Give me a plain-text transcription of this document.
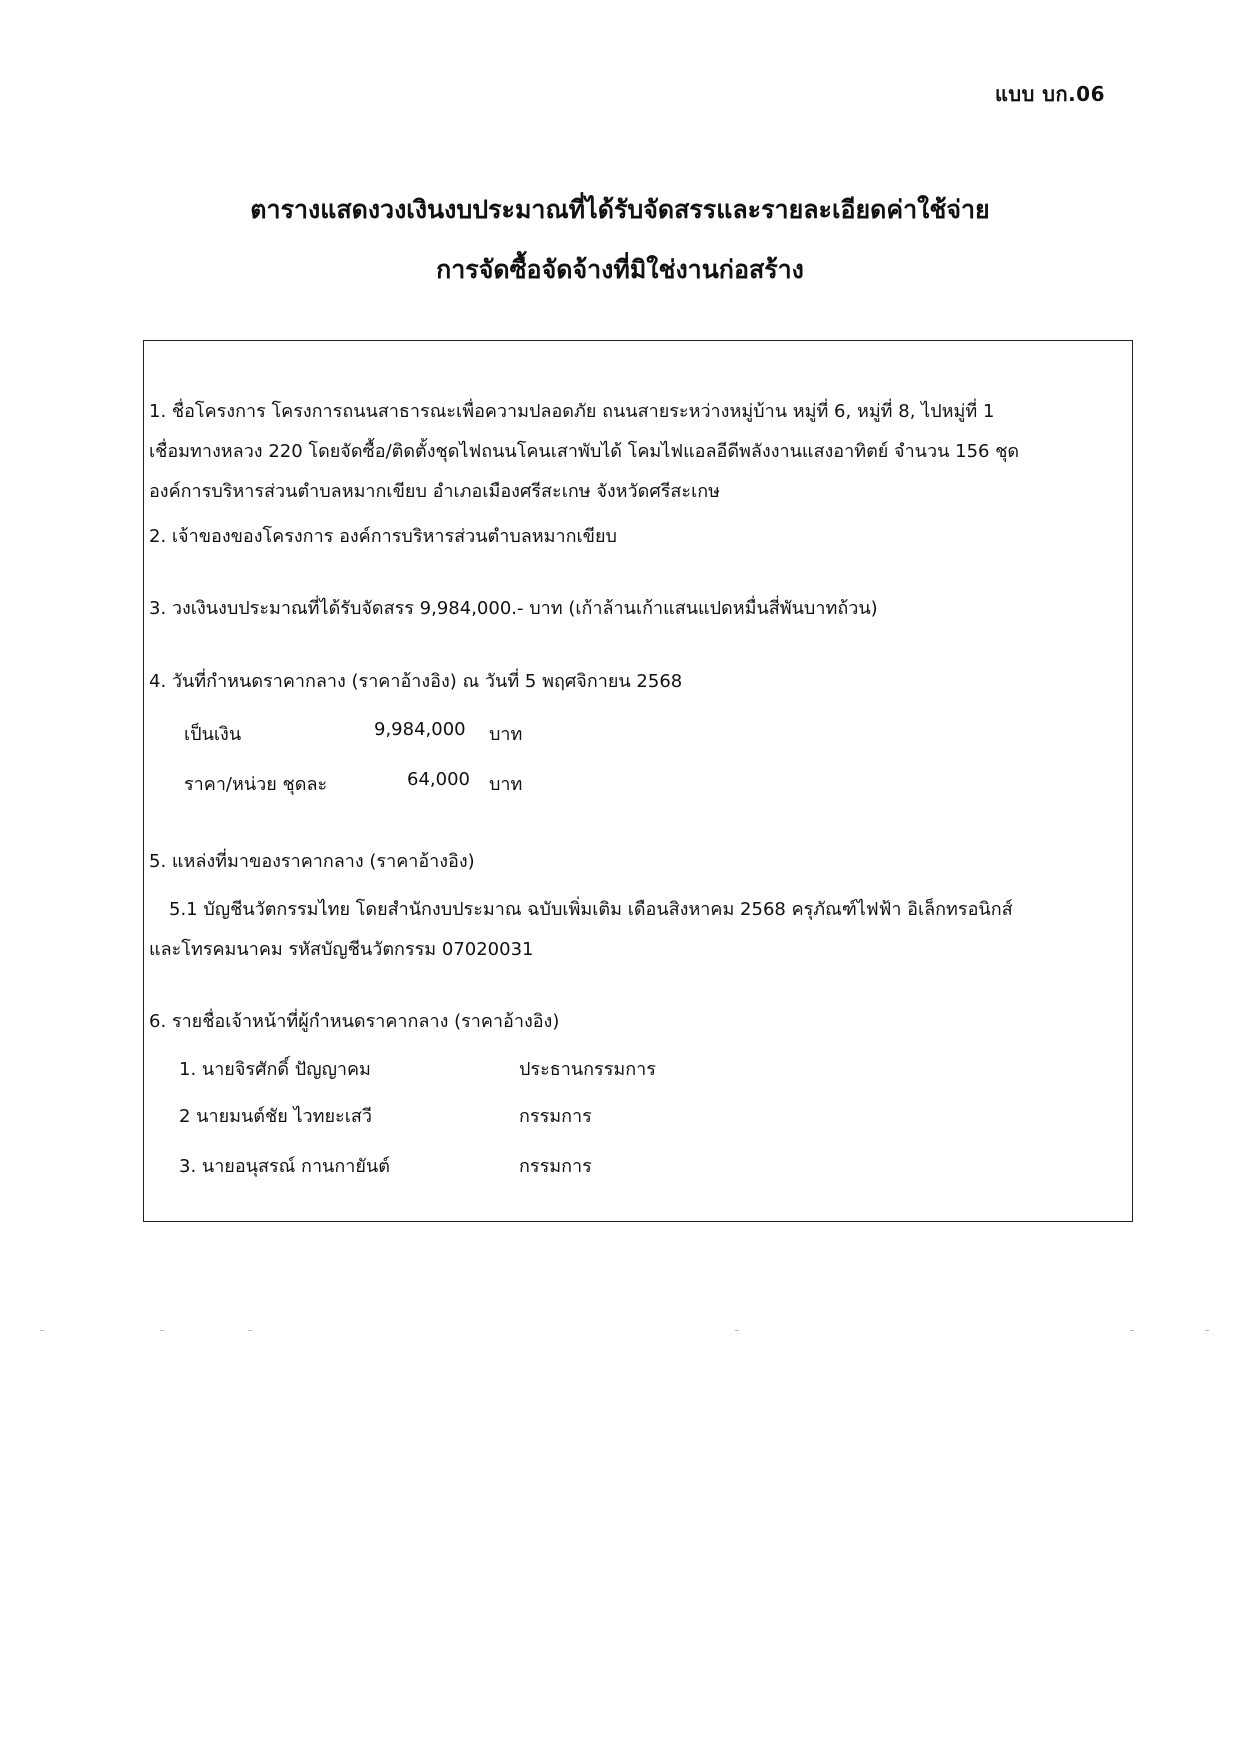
แบบ บก.06
ตารางแสดงวงเงินงบประมาณที่ได้รับจัดสรรและรายละเอียดค่าใช้จ่าย
การจัดซื้อจัดจ้างที่มิใช่งานก่อสร้าง
1. ชื่อโครงการ โครงการถนนสาธารณะเพื่อความปลอดภัย ถนนสายระหว่างหมู่บ้าน หมู่ที่ 6, หมู่ที่ 8, ไปหมู่ที่ 1
เชื่อมทางหลวง 220 โดยจัดซื้อ/ติดตั้งชุดไฟถนนโคนเสาพับได้ โคมไฟแอลอีดีพลังงานแสงอาทิตย์ จำนวน 156 ชุด
องค์การบริหารส่วนตำบลหมากเขียบ อำเภอเมืองศรีสะเกษ จังหวัดศรีสะเกษ
2. เจ้าของของโครงการ องค์การบริหารส่วนตำบลหมากเขียบ
3. วงเงินงบประมาณที่ได้รับจัดสรร 9,984,000.- บาท (เก้าล้านเก้าแสนแปดหมื่นสี่พันบาทถ้วน)
4. วันที่กำหนดราคากลาง (ราคาอ้างอิง) ณ วันที่ 5 พฤศจิกายน 2568
เป็นเงิน	9,984,000 บาท
ราคา/หน่วย ชุดละ	64,000 บาท
5. แหล่งที่มาของราคากลาง (ราคาอ้างอิง)
5.1 บัญชีนวัตกรรมไทย โดยสำนักงบประมาณ ฉบับเพิ่มเติม เดือนสิงหาคม 2568 ครุภัณฑ์ไฟฟ้า อิเล็กทรอนิกส์
และโทรคมนาคม รหัสบัญชีนวัตกรรม 07020031
6. รายชื่อเจ้าหน้าที่ผู้กำหนดราคากลาง (ราคาอ้างอิง)
1. นายจิรศักดิ์ ปัญญาคม	ประธานกรรมการ
2 นายมนต์ชัย ไวทยะเสวี	กรรมการ
3. นายอนุสรณ์ กานกายันต์	กรรมการ
